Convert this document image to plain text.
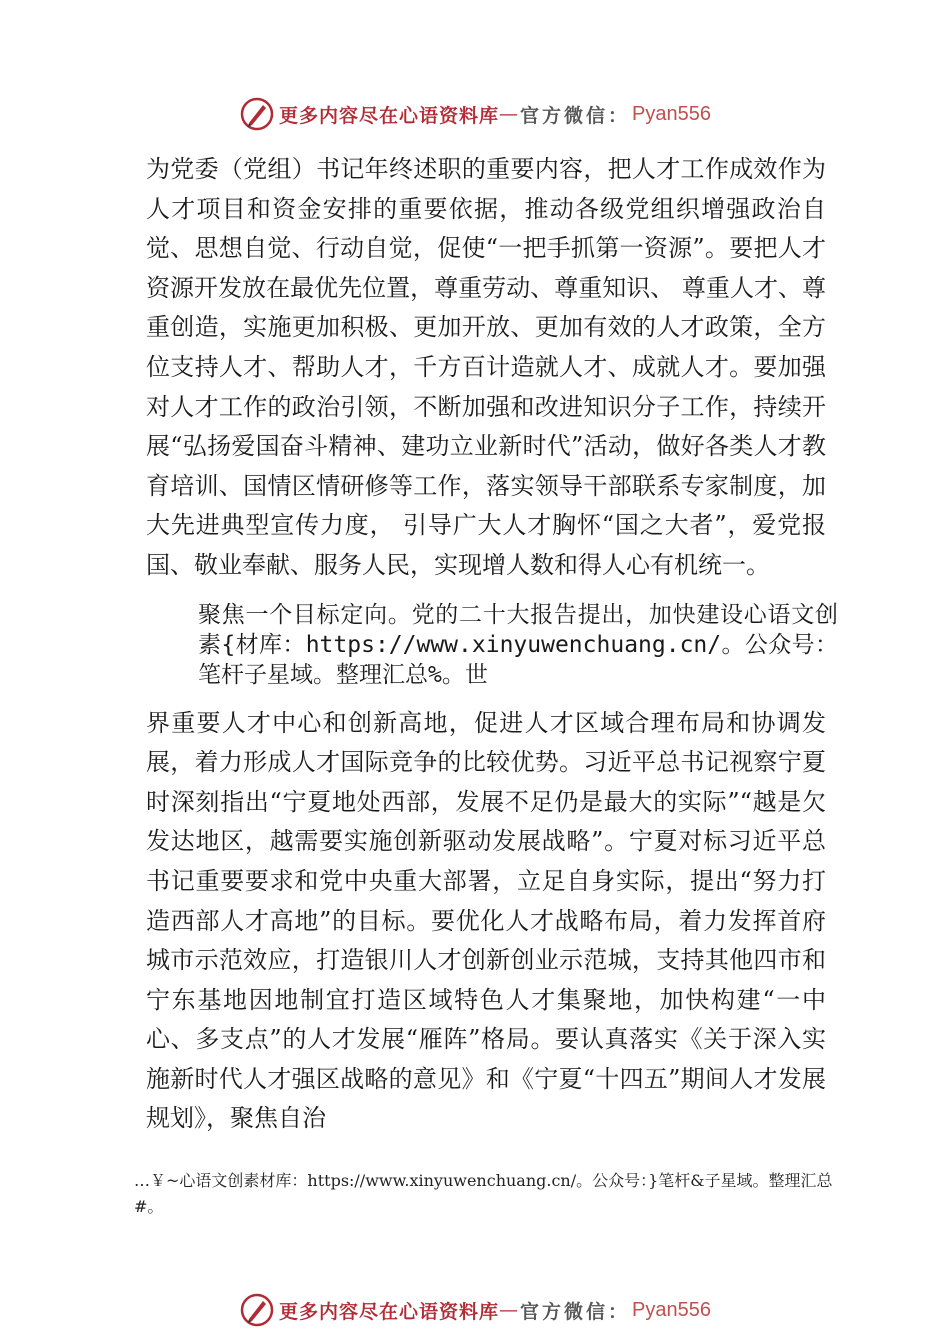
更多内容尽在心语资料库 — 官方微信： Pyan556

为党委（党组）书记年终述职的重要内容，把人才工作成效作为人才项目和资金安排的重要依据，推动各级党组织增强政治自觉、思想自觉、行动自觉，促使“一把手抓第一资源”。要把人才资源开发放在最优先位置，尊重劳动、尊重知识、 尊重人才、尊重创造，实施更加积极、更加开放、更加有效的人才政策，全方位支持人才、帮助人才，千方百计造就人才、成就人才。要加强对人才工作的政治引领，不断加强和改进知识分子工作，持续开展“弘扬爱国奋斗精神、建功立业新时代”活动，做好各类人才教育培训、国情区情研修等工作，落实领导干部联系专家制度，加大先进典型宣传力度， 引导广大人才胸怀“国之大者”，爱党报国、敬业奉献、服务人民，实现增人数和得人心有机统一。

聚焦一个目标定向。党的二十大报告提出，加快建设心语文创素{材库：https://www.xinyuwenchuang.cn/。公众号：笔杆子星域。整理汇总%。世

界重要人才中心和创新高地，促进人才区域合理布局和协调发展，着力形成人才国际竞争的比较优势。习近平总书记视察宁夏时深刻指出“宁夏地处西部，发展不足仍是最大的实际”“越是欠发达地区，越需要实施创新驱动发展战略”。宁夏对标习近平总书记重要要求和党中央重大部署，立足自身实际，提出“努力打造西部人才高地”的目标。要优化人才战略布局，着力发挥首府城市示范效应，打造银川人才创新创业示范城，支持其他四市和宁东基地因地制宜打造区域特色人才集聚地，加快构建“一中心、多支点”的人才发展“雁阵”格局。要认真落实《关于深入实施新时代人才强区战略的意见》和《宁夏“十四五”期间人才发展规划》，聚焦自治

…￥~心语文创素材库：https://www.xinyuwenchuang.cn/。公众号：}笔杆&子星域。整理汇总#。
更多内容尽在心语资料库 — 官方微信： Pyan556
